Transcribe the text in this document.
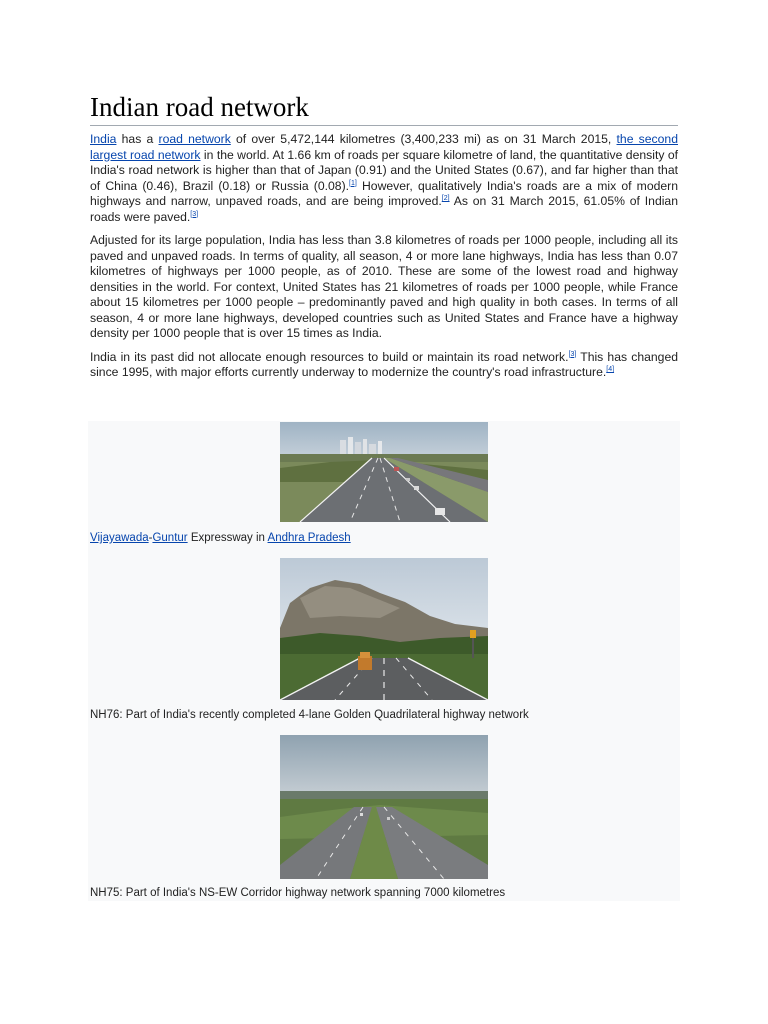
Indian road network

India has a road network of over 5,472,144 kilometres (3,400,233 mi) as on 31 March 2015, the second largest road network in the world. At 1.66 km of roads per square kilometre of land, the quantitative density of India's road network is higher than that of Japan (0.91) and the United States (0.67), and far higher than that of China (0.46), Brazil (0.18) or Russia (0.08).[1] However, qualitatively India's roads are a mix of modern highways and narrow, unpaved roads, and are being improved.[2] As on 31 March 2015, 61.05% of Indian roads were paved.[3]

Adjusted for its large population, India has less than 3.8 kilometres of roads per 1000 people, including all its paved and unpaved roads. In terms of quality, all season, 4 or more lane highways, India has less than 0.07 kilometres of highways per 1000 people, as of 2010. These are some of the lowest road and highway densities in the world. For context, United States has 21 kilometres of roads per 1000 people, while France about 15 kilometres per 1000 people – predominantly paved and high quality in both cases. In terms of all season, 4 or more lane highways, developed countries such as United States and France have a highway density per 1000 people that is over 15 times as India.

India in its past did not allocate enough resources to build or maintain its road network.[3] This has changed since 1995, with major efforts currently underway to modernize the country's road infrastructure.[4]

Vijayawada-Guntur Expressway in Andhra Pradesh
NH76: Part of India's recently completed 4-lane Golden Quadrilateral highway network
NH75: Part of India's NS-EW Corridor highway network spanning 7000 kilometres
